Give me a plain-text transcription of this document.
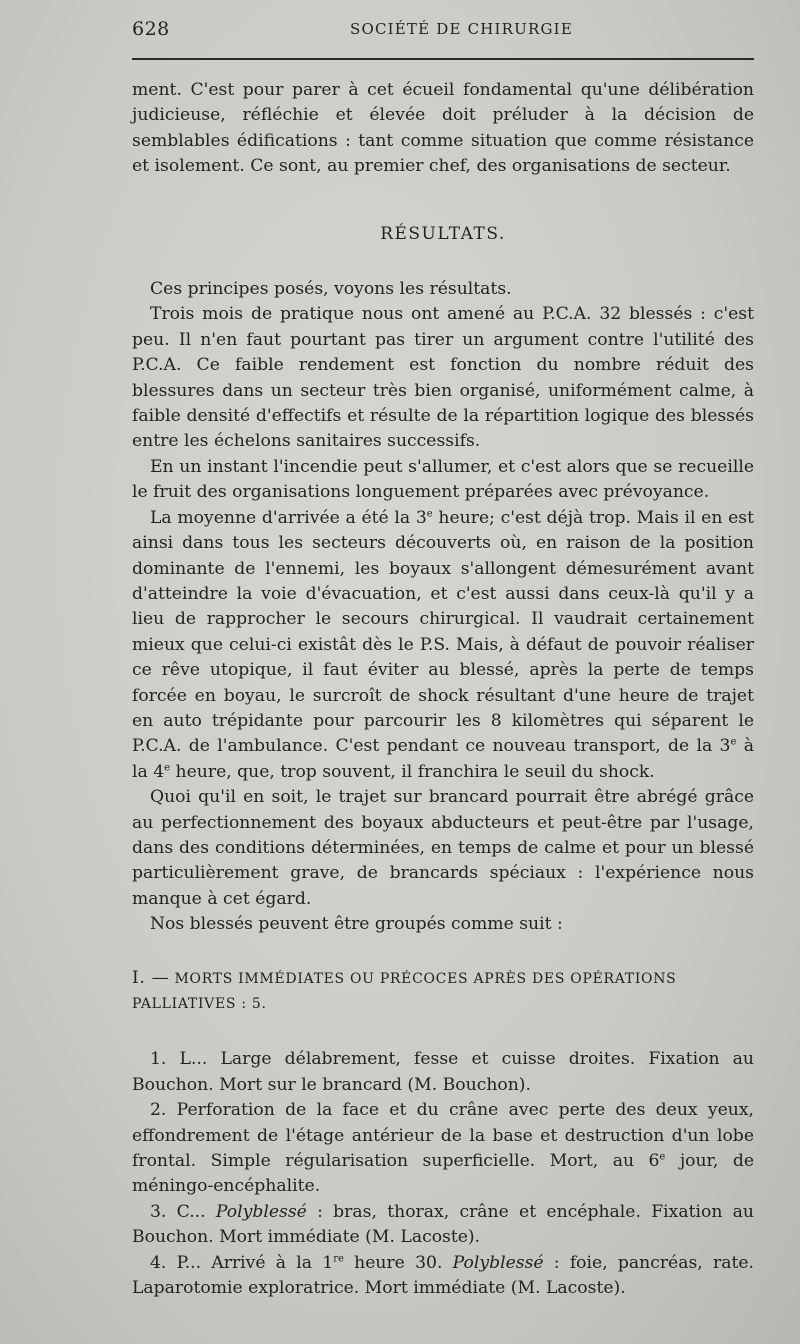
628	SOCIÉTÉ DE CHIRURGIE

ment. C'est pour parer à cet écueil fondamental qu'une délibération judicieuse, réfléchie et élevée doit préluder à la décision de semblables édifications : tant comme situation que comme résistance et isolement. Ce sont, au premier chef, des organisations de secteur.

RÉSULTATS.

Ces principes posés, voyons les résultats.

Trois mois de pratique nous ont amené au P.C.A. 32 blessés : c'est peu. Il n'en faut pourtant pas tirer un argument contre l'utilité des P.C.A. Ce faible rendement est fonction du nombre réduit des blessures dans un secteur très bien organisé, uniformément calme, à faible densité d'effectifs et résulte de la répartition logique des blessés entre les échelons sanitaires successifs.

En un instant l'incendie peut s'allumer, et c'est alors que se recueille le fruit des organisations longuement préparées avec prévoyance.

La moyenne d'arrivée a été la 3e heure; c'est déjà trop. Mais il en est ainsi dans tous les secteurs découverts où, en raison de la position dominante de l'ennemi, les boyaux s'allongent démesurément avant d'atteindre la voie d'évacuation, et c'est aussi dans ceux-là qu'il y a lieu de rapprocher le secours chirurgical. Il vaudrait certainement mieux que celui-ci existât dès le P.S. Mais, à défaut de pouvoir réaliser ce rêve utopique, il faut éviter au blessé, après la perte de temps forcée en boyau, le surcroît de shock résultant d'une heure de trajet en auto trépidante pour parcourir les 8 kilomètres qui séparent le P.C.A. de l'ambulance. C'est pendant ce nouveau transport, de la 3e à la 4e heure, que, trop souvent, il franchira le seuil du shock.

Quoi qu'il en soit, le trajet sur brancard pourrait être abrégé grâce au perfectionnement des boyaux abducteurs et peut-être par l'usage, dans des conditions déterminées, en temps de calme et pour un blessé particulièrement grave, de brancards spéciaux : l'expérience nous manque à cet égard.

Nos blessés peuvent être groupés comme suit :

I. — MORTS IMMÉDIATES OU PRÉCOCES APRÈS DES OPÉRATIONS PALLIATIVES : 5.

1. L... Large délabrement, fesse et cuisse droites. Fixation au Bouchon. Mort sur le brancard (M. Bouchon).

2. Perforation de la face et du crâne avec perte des deux yeux, effondrement de l'étage antérieur de la base et destruction d'un lobe frontal. Simple régularisation superficielle. Mort, au 6e jour, de méningo-encéphalite.

3. C... Polyblessé : bras, thorax, crâne et encéphale. Fixation au Bouchon. Mort immédiate (M. Lacoste).

4. P... Arrivé à la 1re heure 30. Polyblessé : foie, pancréas, rate. Laparotomie exploratrice. Mort immédiate (M. Lacoste).
